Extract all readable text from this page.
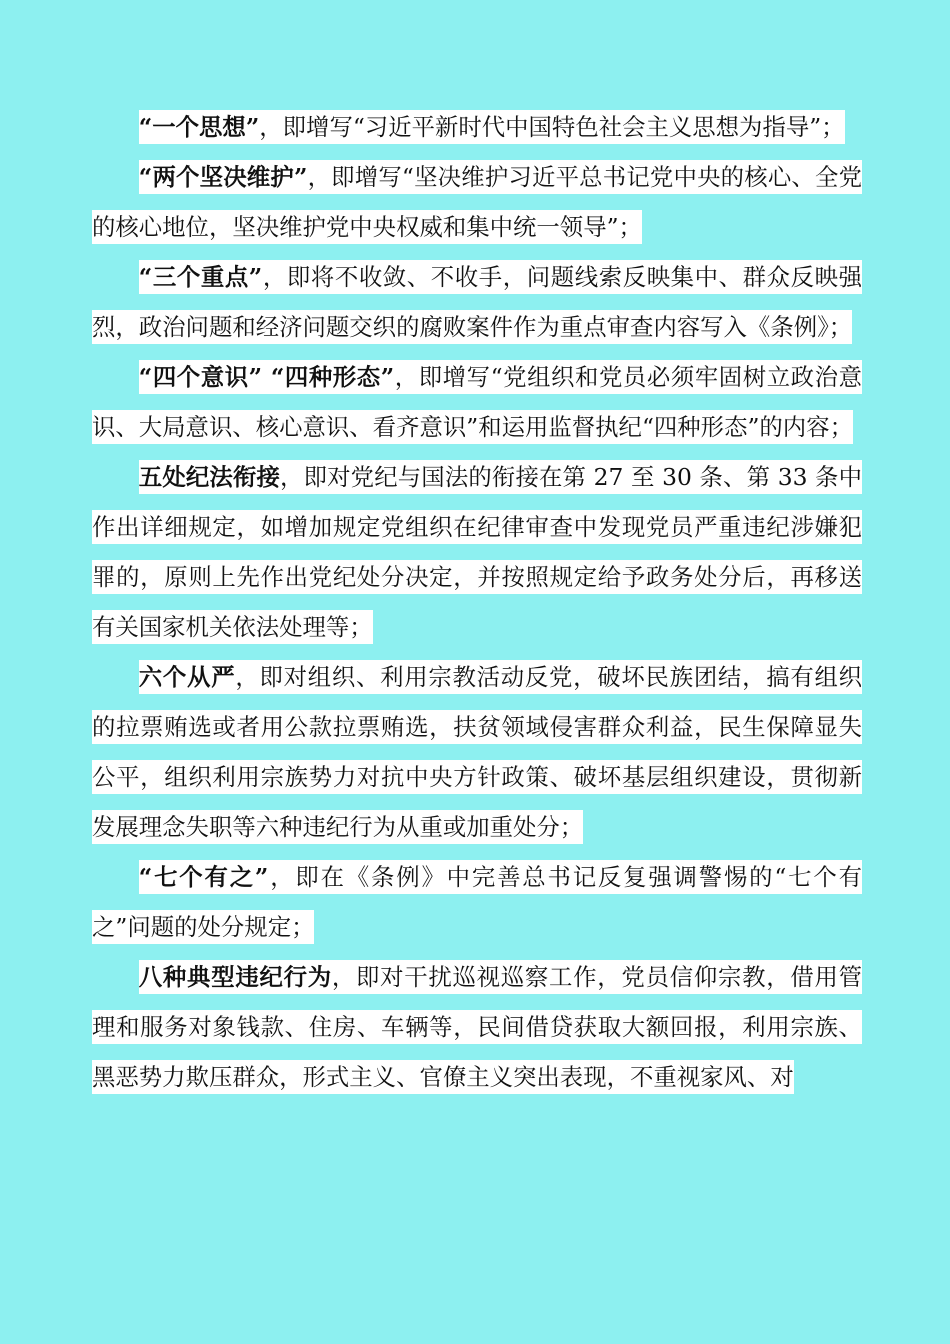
“一个思想”，即增写“习近平新时代中国特色社会主义思想为指导”；

“两个坚决维护”，即增写“坚决维护习近平总书记党中央的核心、全党的核心地位，坚决维护党中央权威和集中统一领导”；

“三个重点”，即将不收敛、不收手，问题线索反映集中、群众反映强烈，政治问题和经济问题交织的腐败案件作为重点审查内容写入《条例》；

“四个意识” “四种形态”，即增写“党组织和党员必须牢固树立政治意识、大局意识、核心意识、看齐意识”和运用监督执纪“四种形态”的内容；

五处纪法衔接，即对党纪与国法的衔接在第 27 至 30 条、第 33 条中作出详细规定，如增加规定党组织在纪律审查中发现党员严重违纪涉嫌犯罪的，原则上先作出党纪处分决定，并按照规定给予政务处分后，再移送有关国家机关依法处理等；

六个从严，即对组织、利用宗教活动反党，破坏民族团结，搞有组织的拉票贿选或者用公款拉票贿选，扶贫领域侵害群众利益，民生保障显失公平，组织利用宗族势力对抗中央方针政策、破坏基层组织建设，贯彻新发展理念失职等六种违纪行为从重或加重处分；

“七个有之”，即在《条例》中完善总书记反复强调警惕的“七个有之”问题的处分规定；

八种典型违纪行为，即对干扰巡视巡察工作，党员信仰宗教，借用管理和服务对象钱款、住房、车辆等，民间借贷获取大额回报，利用宗族、黑恶势力欺压群众，形式主义、官僚主义突出表现，不重视家风、对
